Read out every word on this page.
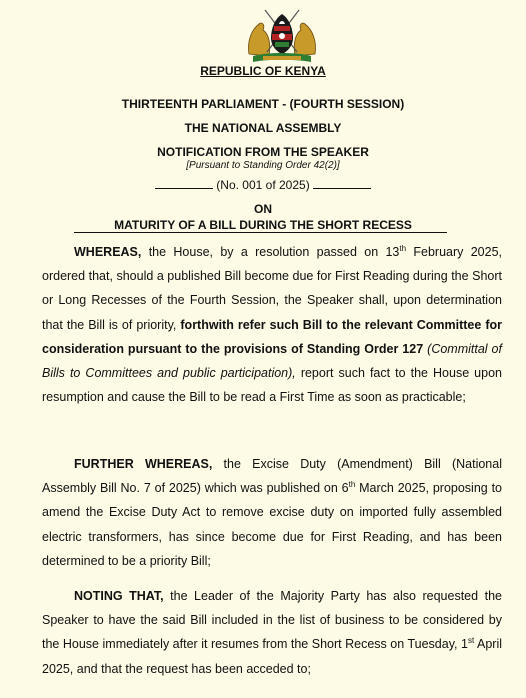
REPUBLIC OF KENYA
THIRTEENTH PARLIAMENT - (FOURTH SESSION)
THE NATIONAL ASSEMBLY
NOTIFICATION FROM THE SPEAKER
[Pursuant to Standing Order 42(2)]
(No. 001 of 2025)
ON
MATURITY OF A BILL DURING THE SHORT RECESS
WHEREAS, the House, by a resolution passed on 13th February 2025, ordered that, should a published Bill become due for First Reading during the Short or Long Recesses of the Fourth Session, the Speaker shall, upon determination that the Bill is of priority, forthwith refer such Bill to the relevant Committee for consideration pursuant to the provisions of Standing Order 127 (Committal of Bills to Committees and public participation), report such fact to the House upon resumption and cause the Bill to be read a First Time as soon as practicable;
FURTHER WHEREAS, the Excise Duty (Amendment) Bill (National Assembly Bill No. 7 of 2025) which was published on 6th March 2025, proposing to amend the Excise Duty Act to remove excise duty on imported fully assembled electric transformers, has since become due for First Reading, and has been determined to be a priority Bill;
NOTING THAT, the Leader of the Majority Party has also requested the Speaker to have the said Bill included in the list of business to be considered by the House immediately after it resumes from the Short Recess on Tuesday, 1st April 2025, and that the request has been acceded to;
